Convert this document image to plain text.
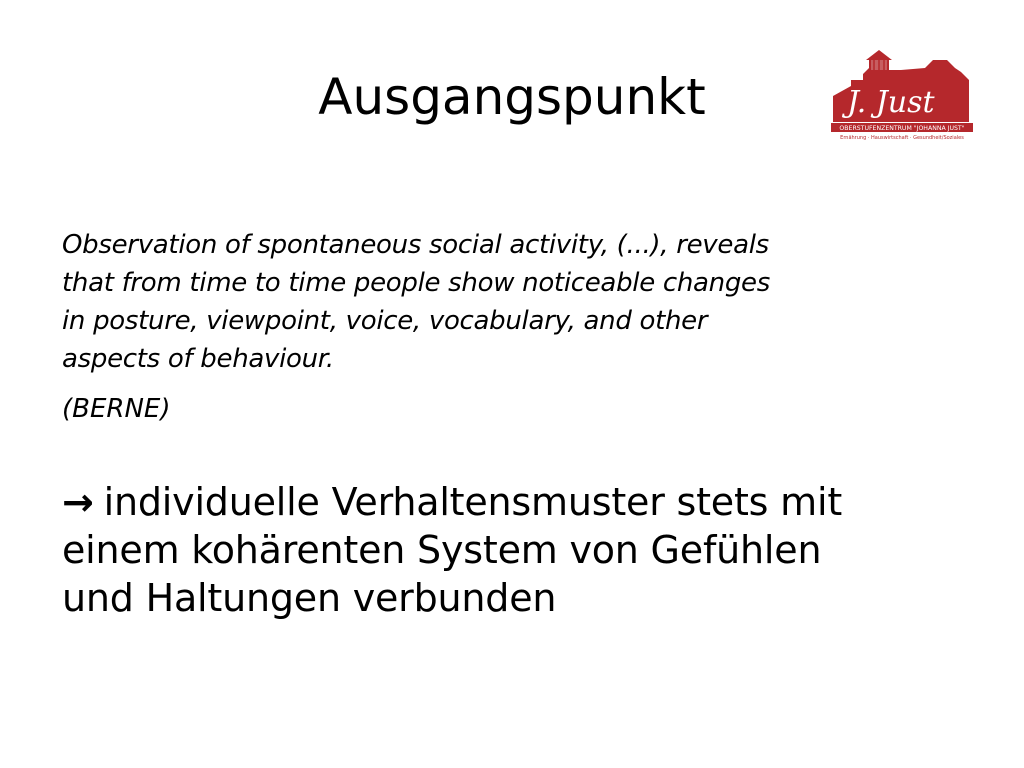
Ausgangspunkt	J. Just
OBERSTUFENZENTRUM "JOHANNA JUST"
Ernährung · Hauswirtschaft · Gesundheit/Soziales

Observation of spontaneous social activity, (...), reveals
that from time to time people show noticeable changes
in posture, viewpoint, voice, vocabulary, and other
aspects of behaviour.

(BERNE)

→ individuelle Verhaltensmuster stets mit
einem kohärenten System von Gefühlen
und Haltungen verbunden
